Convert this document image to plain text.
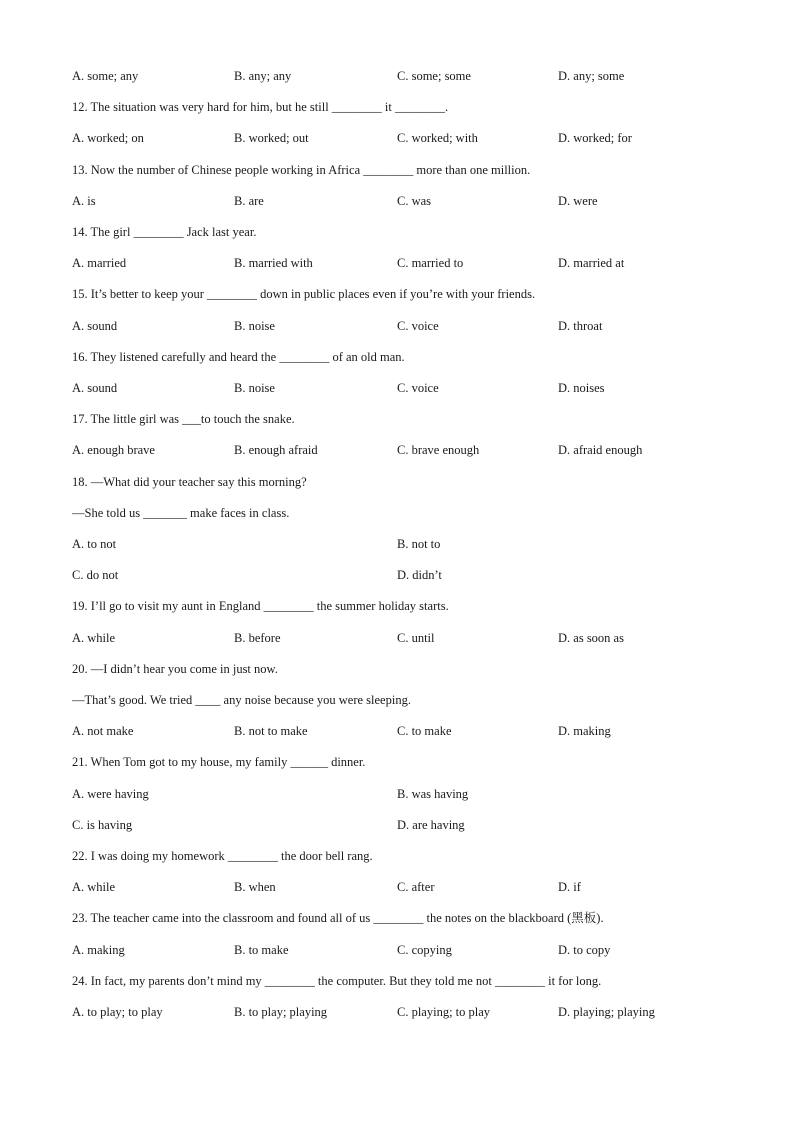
A. some; any	B. any; any	C. some; some	D. any; some
12. The situation was very hard for him, but he still ________ it ________.
A. worked; on	B. worked; out	C. worked; with	D. worked; for
13. Now the number of Chinese people working in Africa ________ more than one million.
A. is	B. are	C. was	D. were
14. The girl ________ Jack last year.
A. married	B. married with	C. married to	D. married at
15. It’s better to keep your ________ down in public places even if you’re with your friends.
A. sound	B. noise	C. voice	D. throat
16. They listened carefully and heard the ________ of an old man.
A. sound	B. noise	C. voice	D. noises
17. The little girl was ___to touch the snake.
A. enough brave	B. enough afraid	C. brave enough	D. afraid enough
18. —What did your teacher say this morning?
—She told us _______ make faces in class.
A. to not	B. not to
C. do not	D. didn’t
19. I’ll go to visit my aunt in England ________ the summer holiday starts.
A. while	B. before	C. until	D. as soon as
20. —I didn’t hear you come in just now.
—That’s good. We tried ____ any noise because you were sleeping.
A. not make	B. not to make	C. to make	D. making
21. When Tom got to my house, my family ______ dinner.
A. were having	B. was having
C. is having	D. are having
22. I was doing my homework ________ the door bell rang.
A. while	B. when	C. after	D. if
23. The teacher came into the classroom and found all of us ________ the notes on the blackboard (黑板).
A. making	B. to make	C. copying	D. to copy
24. In fact, my parents don’t mind my ________ the computer. But they told me not ________ it for long.
A. to play; to play	B. to play; playing	C. playing; to play	D. playing; playing
